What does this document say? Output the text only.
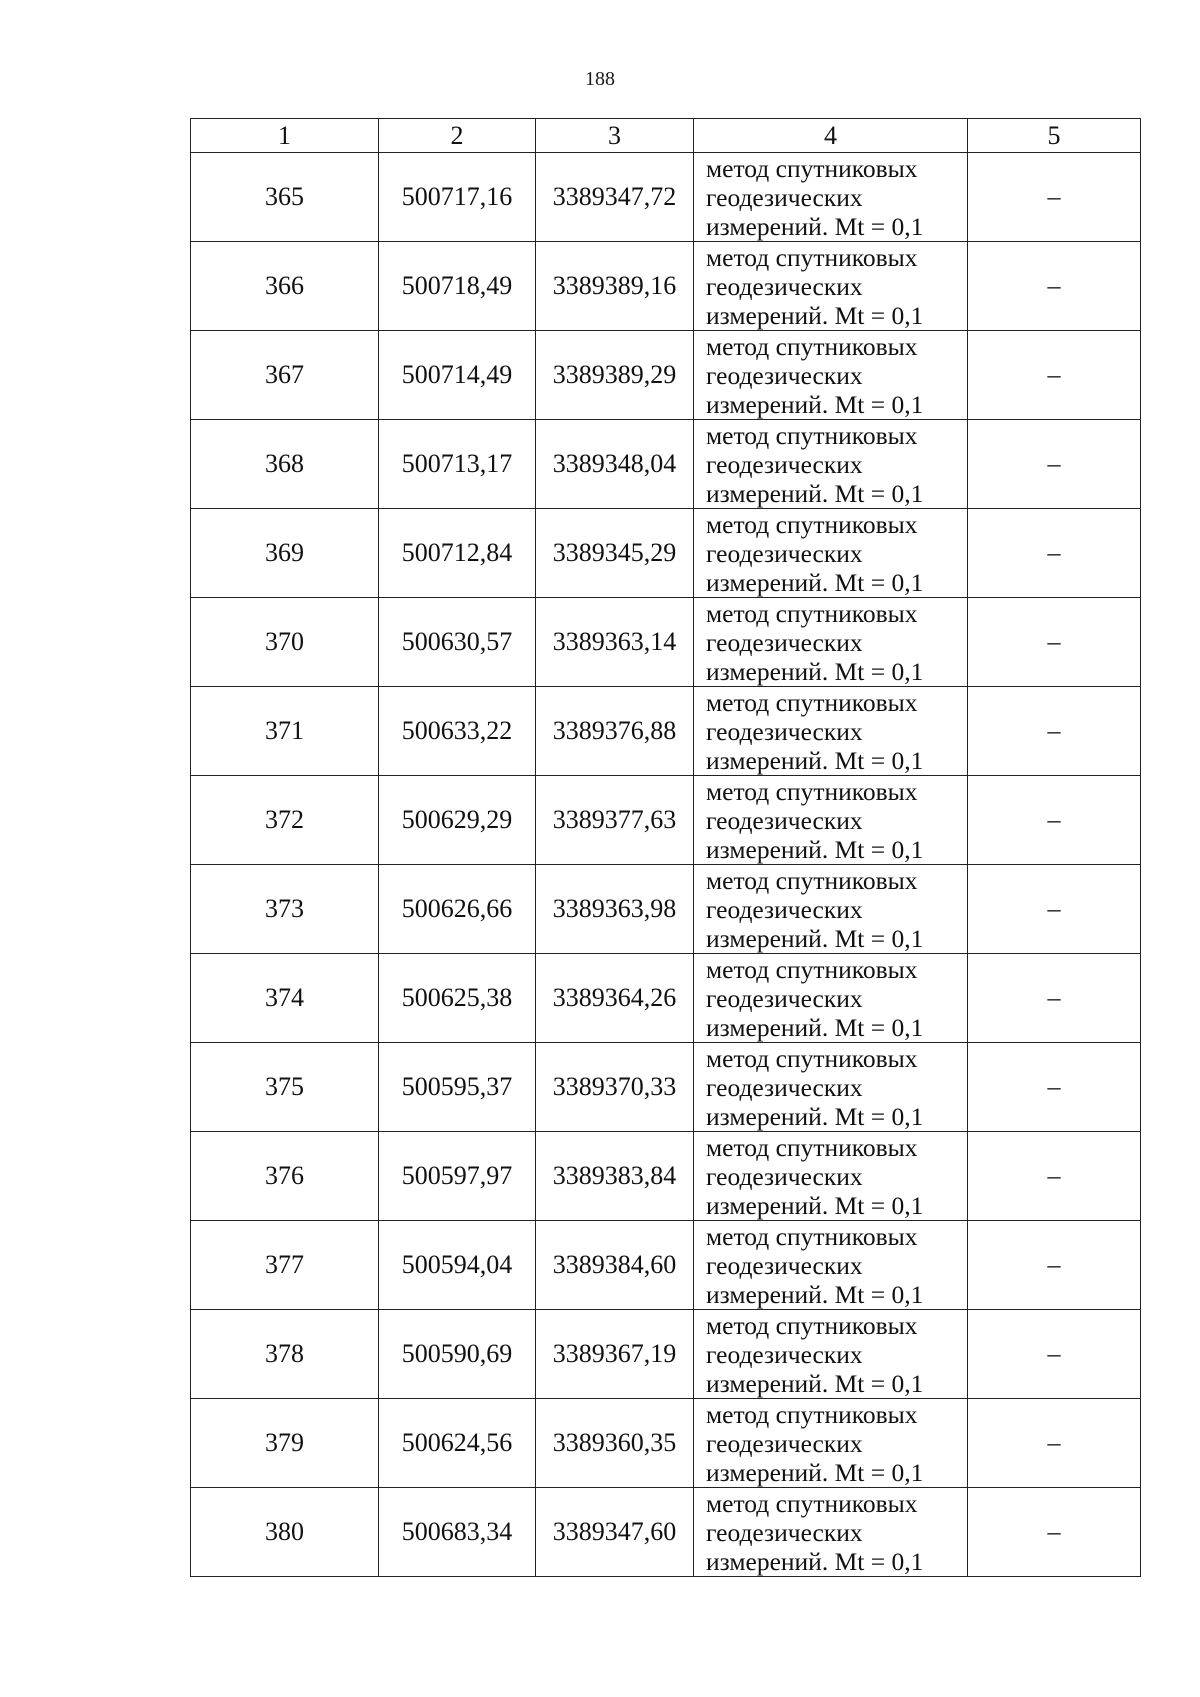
188
1	2	3	4	5
365	500717,16	3389347,72	метод спутниковых
геодезических
измерений. Mt = 0,1	–
366	500718,49	3389389,16	метод спутниковых
геодезических
измерений. Mt = 0,1	–
367	500714,49	3389389,29	метод спутниковых
геодезических
измерений. Mt = 0,1	–
368	500713,17	3389348,04	метод спутниковых
геодезических
измерений. Mt = 0,1	–
369	500712,84	3389345,29	метод спутниковых
геодезических
измерений. Mt = 0,1	–
370	500630,57	3389363,14	метод спутниковых
геодезических
измерений. Mt = 0,1	–
371	500633,22	3389376,88	метод спутниковых
геодезических
измерений. Mt = 0,1	–
372	500629,29	3389377,63	метод спутниковых
геодезических
измерений. Mt = 0,1	–
373	500626,66	3389363,98	метод спутниковых
геодезических
измерений. Mt = 0,1	–
374	500625,38	3389364,26	метод спутниковых
геодезических
измерений. Mt = 0,1	–
375	500595,37	3389370,33	метод спутниковых
геодезических
измерений. Mt = 0,1	–
376	500597,97	3389383,84	метод спутниковых
геодезических
измерений. Mt = 0,1	–
377	500594,04	3389384,60	метод спутниковых
геодезических
измерений. Mt = 0,1	–
378	500590,69	3389367,19	метод спутниковых
геодезических
измерений. Mt = 0,1	–
379	500624,56	3389360,35	метод спутниковых
геодезических
измерений. Mt = 0,1	–
380	500683,34	3389347,60	метод спутниковых
геодезических
измерений. Mt = 0,1	–
